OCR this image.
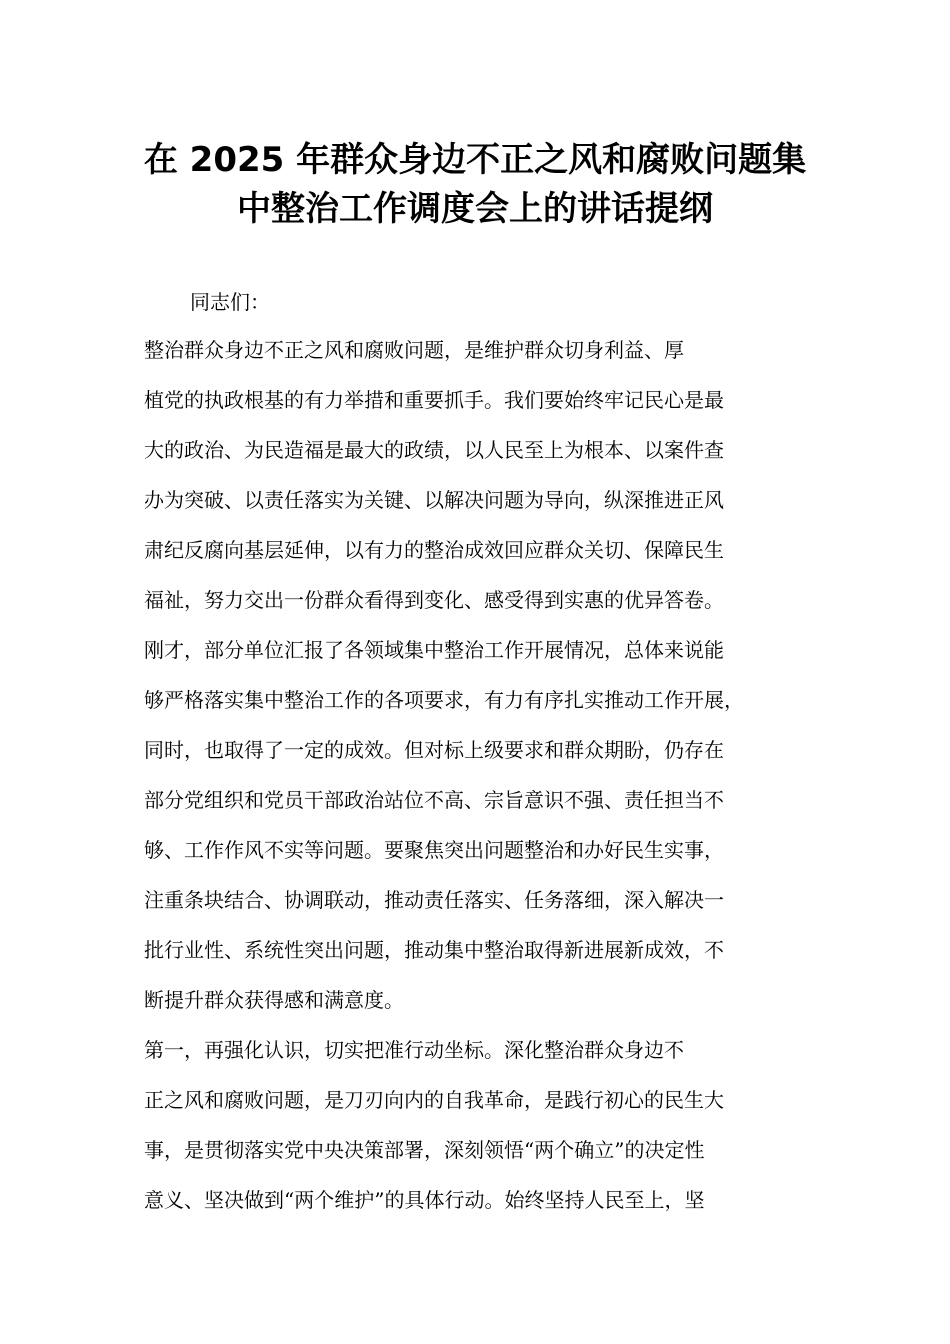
在 2025 年群众身边不正之风和腐败问题集
中整治工作调度会上的讲话提纲
同志们：
整治群众身边不正之风和腐败问题，是维护群众切身利益、厚
植党的执政根基的有力举措和重要抓手。我们要始终牢记民心是最
大的政治、为民造福是最大的政绩，以人民至上为根本、以案件查
办为突破、以责任落实为关键、以解决问题为导向，纵深推进正风
肃纪反腐向基层延伸，以有力的整治成效回应群众关切、保障民生
福祉，努力交出一份群众看得到变化、感受得到实惠的优异答卷。
刚才，部分单位汇报了各领域集中整治工作开展情况，总体来说能
够严格落实集中整治工作的各项要求，有力有序扎实推动工作开展，
同时，也取得了一定的成效。但对标上级要求和群众期盼，仍存在
部分党组织和党员干部政治站位不高、宗旨意识不强、责任担当不
够、工作作风不实等问题。要聚焦突出问题整治和办好民生实事，
注重条块结合、协调联动，推动责任落实、任务落细，深入解决一
批行业性、系统性突出问题，推动集中整治取得新进展新成效，不
断提升群众获得感和满意度。
第一，再强化认识，切实把准行动坐标。深化整治群众身边不
正之风和腐败问题，是刀刃向内的自我革命，是践行初心的民生大
事，是贯彻落实党中央决策部署，深刻领悟“两个确立”的决定性
意义、坚决做到“两个维护”的具体行动。始终坚持人民至上，坚
